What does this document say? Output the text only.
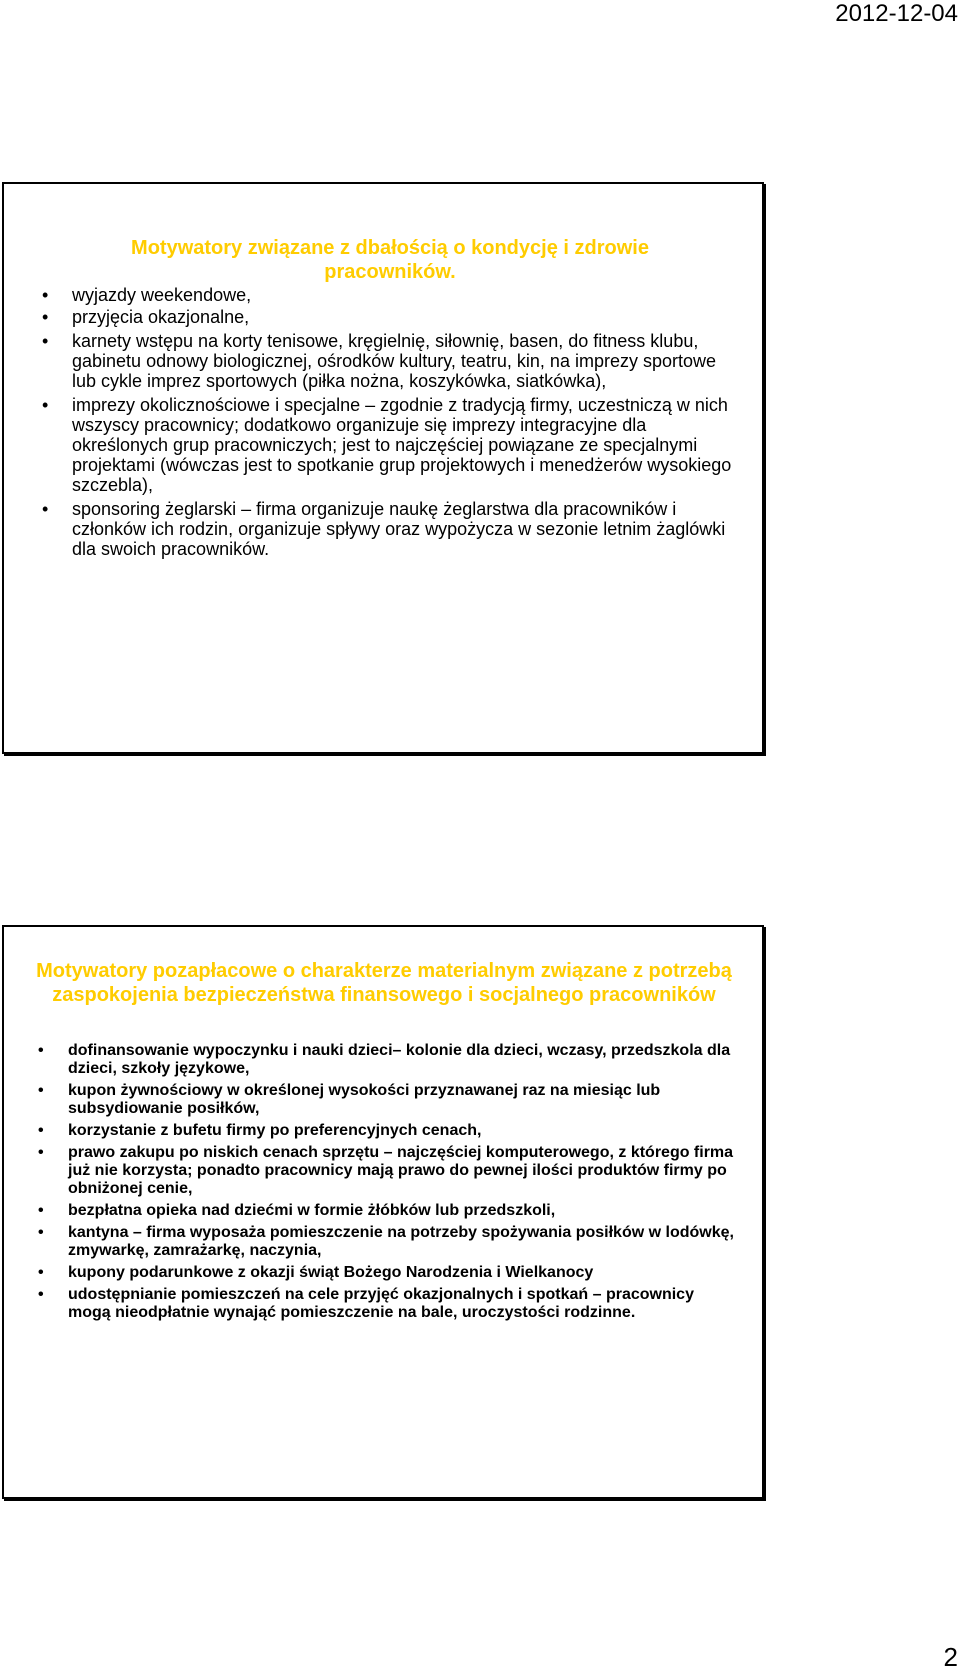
2012-12-04
Motywatory związane z dbałością o kondycję i zdrowie pracowników.
• wyjazdy weekendowe,
• przyjęcia okazjonalne,
• karnety wstępu na korty tenisowe, kręgielnię, siłownię, basen, do fitness klubu, gabinetu odnowy biologicznej, ośrodków kultury, teatru, kin, na imprezy sportowe lub cykle imprez sportowych (piłka nożna, koszykówka, siatkówka),
• imprezy okolicznościowe i specjalne – zgodnie z tradycją firmy, uczestniczą w nich wszyscy pracownicy; dodatkowo organizuje się imprezy integracyjne dla określonych grup pracowniczych; jest to najczęściej powiązane ze specjalnymi projektami (wówczas jest to spotkanie grup projektowych i menedżerów wysokiego szczebla),
• sponsoring żeglarski – firma organizuje naukę żeglarstwa dla pracowników i członków ich rodzin, organizuje spływy oraz wypożycza w sezonie letnim żaglówki dla swoich pracowników.
Motywatory pozapłacowe o charakterze materialnym związane z potrzebą zaspokojenia bezpieczeństwa finansowego i socjalnego pracowników
• dofinansowanie wypoczynku i nauki dzieci– kolonie dla dzieci, wczasy, przedszkola dla dzieci, szkoły językowe,
• kupon żywnościowy w określonej wysokości przyznawanej raz na miesiąc lub subsydiowanie posiłków,
• korzystanie z bufetu firmy po preferencyjnych cenach,
• prawo zakupu po niskich cenach sprzętu – najczęściej komputerowego, z którego firma już nie korzysta; ponadto pracownicy mają prawo do pewnej ilości produktów firmy po obniżonej cenie,
• bezpłatna opieka nad dziećmi w formie żłóbków lub przedszkoli,
• kantyna – firma wyposaża pomieszczenie na potrzeby spożywania posiłków w lodówkę, zmywarkę, zamrażarkę, naczynia,
• kupony podarunkowe z okazji świąt Bożego Narodzenia i Wielkanocy
• udostępnianie pomieszczeń na cele przyjęć okazjonalnych i spotkań – pracownicy mogą nieodpłatnie wynająć pomieszczenie na bale, uroczystości rodzinne.
2
